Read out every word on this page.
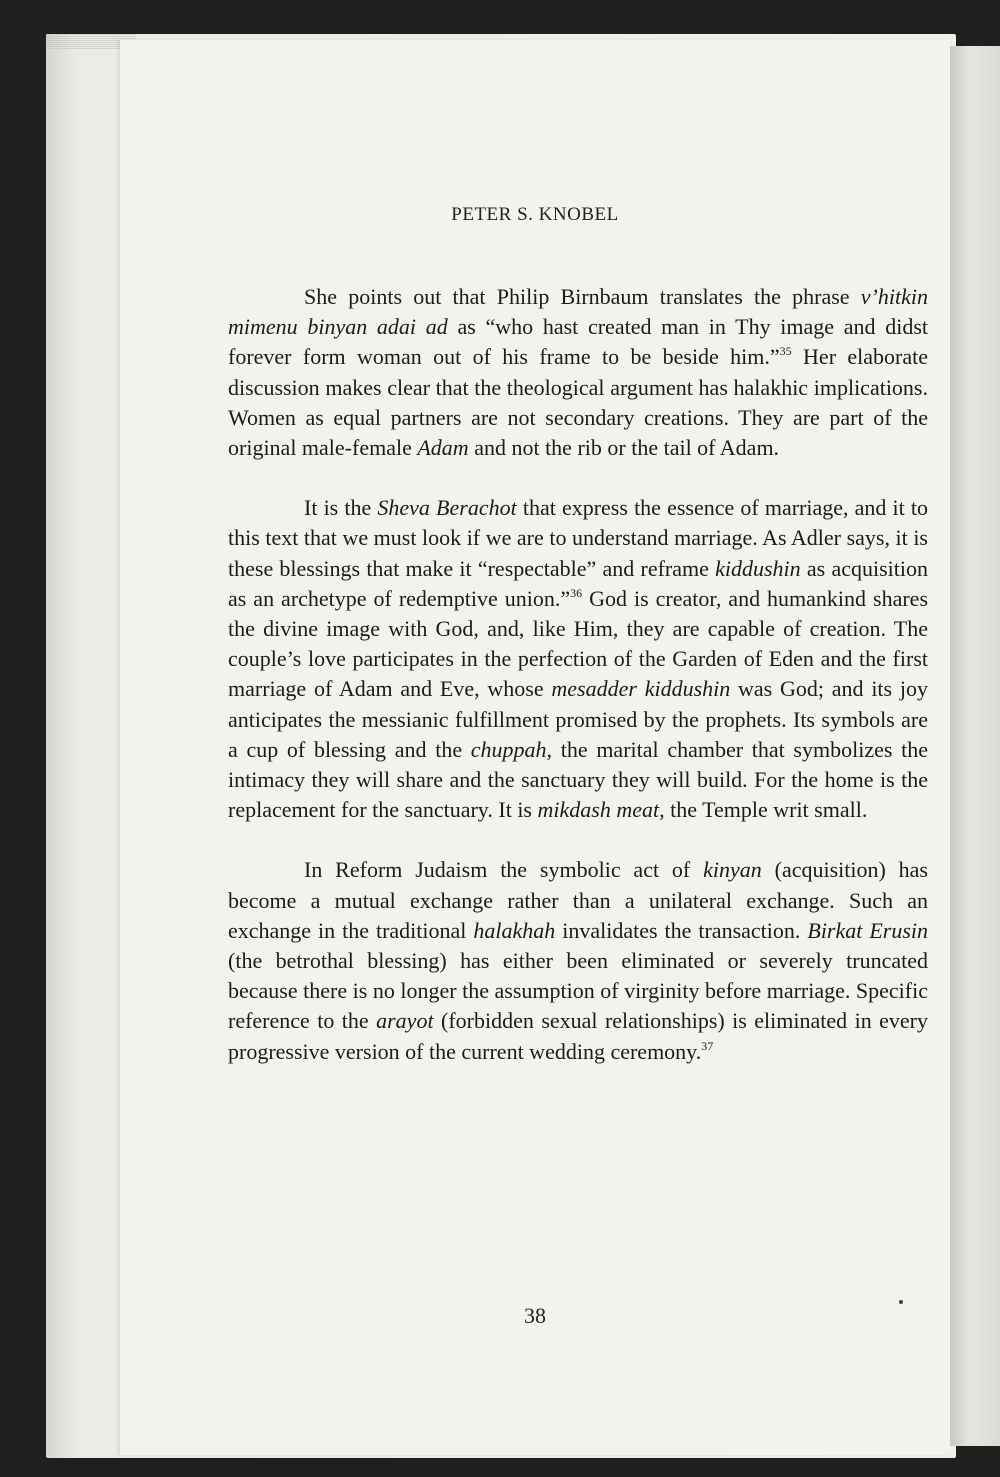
PETER S. KNOBEL

She points out that Philip Birnbaum translates the phrase v’hitkin mimenu binyan adai ad as “who hast created man in Thy image and didst forever form woman out of his frame to be beside him.”$^{35}$ Her elaborate discussion makes clear that the theological argument has halakhic implications. Women as equal partners are not secondary creations. They are part of the original male-female Adam and not the rib or the tail of Adam.

It is the Sheva Berachot that express the essence of marriage, and it to this text that we must look if we are to understand marriage. As Adler says, it is these blessings that make it “respectable” and reframe kiddushin as acquisition as an archetype of redemptive union.”$^{36}$ God is creator, and humankind shares the divine image with God, and, like Him, they are capable of creation. The couple’s love participates in the perfection of the Garden of Eden and the first marriage of Adam and Eve, whose mesadder kiddushin was God; and its joy anticipates the messianic fulfillment promised by the prophets. Its symbols are a cup of blessing and the chuppah, the marital chamber that symbolizes the intimacy they will share and the sanctuary they will build. For the home is the replacement for the sanctuary. It is mikdash meat, the Temple writ small.

In Reform Judaism the symbolic act of kinyan (acquisition) has become a mutual exchange rather than a unilateral exchange. Such an exchange in the traditional halakhah invalidates the transaction. Birkat Erusin (the betrothal blessing) has either been eliminated or severely truncated because there is no longer the assumption of virginity before marriage. Specific reference to the arayot (forbidden sexual relationships) is eliminated in every progressive version of the current wedding ceremony.$^{37}$

38
